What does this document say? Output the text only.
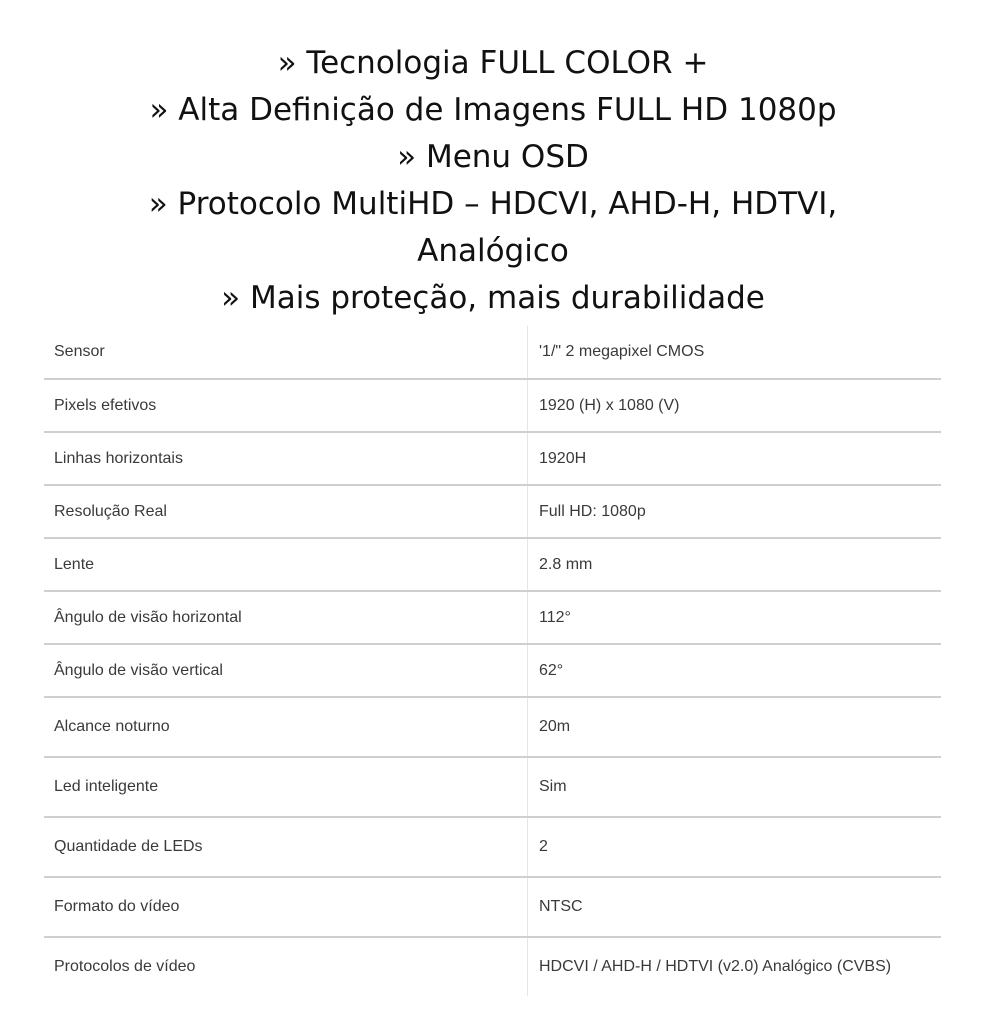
» Tecnologia FULL COLOR +
» Alta Definição de Imagens FULL HD 1080p
» Menu OSD
» Protocolo MultiHD – HDCVI, AHD-H, HDTVI,
Analógico
» Mais proteção, mais durabilidade
Sensor	'1/" 2 megapixel CMOS
Pixels efetivos	1920 (H) x 1080 (V)
Linhas horizontais	1920H
Resolução Real	Full HD: 1080p
Lente	2.8 mm
Ângulo de visão horizontal	112°
Ângulo de visão vertical	62°
Alcance noturno	20m
Led inteligente	Sim
Quantidade de LEDs	2
Formato do vídeo	NTSC
Protocolos de vídeo	HDCVI / AHD-H / HDTVI (v2.0) Analógico (CVBS)
